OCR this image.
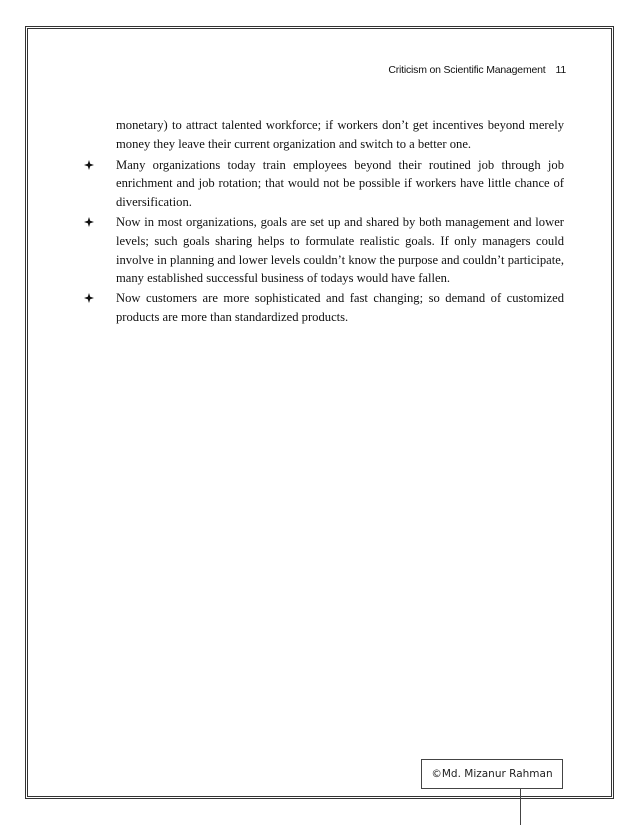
Criticism on Scientific Management 11

monetary) to attract talented workforce; if workers don’t get incentives beyond merely money they leave their current organization and switch to a better one.

Many organizations today train employees beyond their routined job through job enrichment and job rotation; that would not be possible if workers have little chance of diversification.
Now in most organizations, goals are set up and shared by both management and lower levels; such goals sharing helps to formulate realistic goals. If only managers could involve in planning and lower levels couldn’t know the purpose and couldn’t participate, many established successful business of todays would have fallen.
Now customers are more sophisticated and fast changing; so demand of customized products are more than standardized products.
©Md. Mizanur Rahman
